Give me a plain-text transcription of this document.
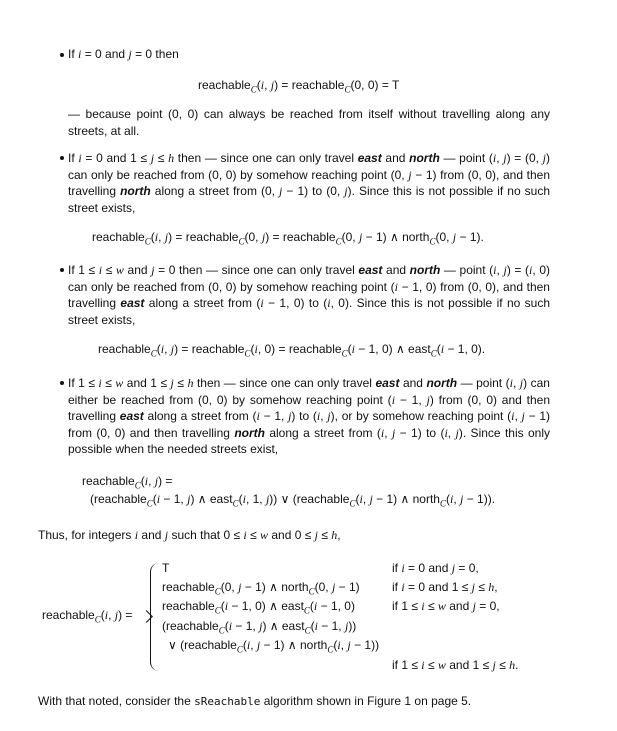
If i = 0 and j = 0 then
reachable$_C$(i, j) = reachable$_C$(0, 0) = T
— because point (0, 0) can always be reached from itself without travelling along any streets, at all.
If i = 0 and 1 ≤ j ≤ h then — since one can only travel east and north — point (i, j) = (0, j) can only be reached from (0, 0) by somehow reaching point (0, j − 1) from (0, 0), and then travelling north along a street from (0, j − 1) to (0, j). Since this is not possible if no such street exists,
reachable$_C$(i, j) = reachable$_C$(0, j) = reachable$_C$(0, j − 1) ∧ north$_C$(0, j − 1).
If 1 ≤ i ≤ w and j = 0 then — since one can only travel east and north — point (i, j) = (i, 0) can only be reached from (0, 0) by somehow reaching point (i − 1, 0) from (0, 0), and then travelling east along a street from (i − 1, 0) to (i, 0). Since this is not possible if no such street exists,
reachable$_C$(i, j) = reachable$_C$(i, 0) = reachable$_C$(i − 1, 0) ∧ east$_C$(i − 1, 0).
If 1 ≤ i ≤ w and 1 ≤ j ≤ h then — since one can only travel east and north — point (i, j) can either be reached from (0, 0) by somehow reaching point (i − 1, j) from (0, 0) and then travelling east along a street from (i − 1, j) to (i, j), or by somehow reaching point (i, j − 1) from (0, 0) and then travelling north along a street from (i, j − 1) to (i, j). Since this only possible when the needed streets exist,
reachable$_C$(i, j) =
(reachable$_C$(i − 1, j) ∧ east$_C$(i, 1, j)) ∨ (reachable$_C$(i, j − 1) ∧ north$_C$(i, j − 1)).
Thus, for integers i and j such that 0 ≤ i ≤ w and 0 ≤ j ≤ h,
reachable$_C$(i, j) =
T	if i = 0 and j = 0,
reachable$_C$(0, j − 1) ∧ north$_C$(0, j − 1)	if i = 0 and 1 ≤ j ≤ h,
reachable$_C$(i − 1, 0) ∧ east$_C$(i − 1, 0)	if 1 ≤ i ≤ w and j = 0,
(reachable$_C$(i − 1, j) ∧ east$_C$(i − 1, j))
∨ (reachable$_C$(i, j − 1) ∧ north$_C$(i, j − 1))
if 1 ≤ i ≤ w and 1 ≤ j ≤ h.
With that noted, consider the sReachable algorithm shown in Figure 1 on page 5.
